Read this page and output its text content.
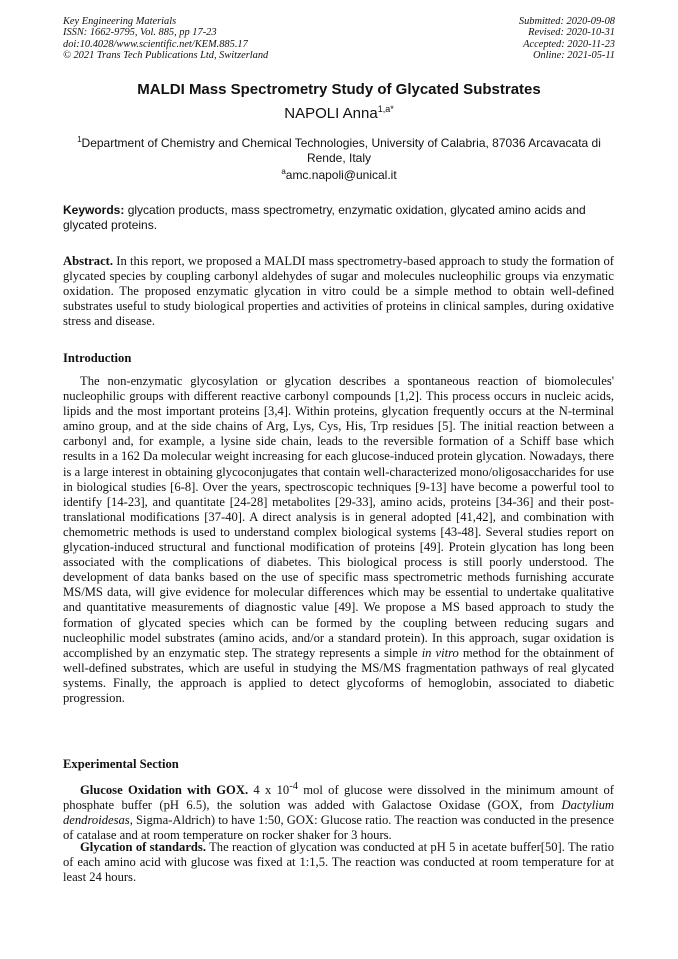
Key Engineering Materials
ISSN: 1662-9795, Vol. 885, pp 17-23
doi:10.4028/www.scientific.net/KEM.885.17
© 2021 Trans Tech Publications Ltd, Switzerland
Submitted: 2020-09-08
Revised: 2020-10-31
Accepted: 2020-11-23
Online: 2021-05-11
MALDI Mass Spectrometry Study of Glycated Substrates
NAPOLI Anna$^{1,a*}$
$^1$Department of Chemistry and Chemical Technologies, University of Calabria, 87036 Arcavacata di Rende, Italy
$^a$amc.napoli@unical.it
Keywords: glycation products, mass spectrometry, enzymatic oxidation, glycated amino acids and glycated proteins.
Abstract. In this report, we proposed a MALDI mass spectrometry-based approach to study the formation of glycated species by coupling carbonyl aldehydes of sugar and molecules nucleophilic groups via enzymatic oxidation. The proposed enzymatic glycation in vitro could be a simple method to obtain well-defined substrates useful to study biological properties and activities of proteins in clinical samples, during oxidative stress and disease.
Introduction
The non-enzymatic glycosylation or glycation describes a spontaneous reaction of biomolecules' nucleophilic groups with different reactive carbonyl compounds [1,2]. This process occurs in nucleic acids, lipids and the most important proteins [3,4]. Within proteins, glycation frequently occurs at the N-terminal amino group, and at the side chains of Arg, Lys, Cys, His, Trp residues [5]. The initial reaction between a carbonyl and, for example, a lysine side chain, leads to the reversible formation of a Schiff base which results in a 162 Da molecular weight increasing for each glucose-induced protein glycation. Nowadays, there is a large interest in obtaining glycoconjugates that contain well-characterized mono/oligosaccharides for use in biological studies [6-8]. Over the years, spectroscopic techniques [9-13] have become a powerful tool to identify [14-23], and quantitate [24-28] metabolites [29-33], amino acids, proteins [34-36] and their post-translational modifications [37-40]. A direct analysis is in general adopted [41,42], and combination with chemometric methods is used to understand complex biological systems [43-48]. Several studies report on glycation-induced structural and functional modification of proteins [49]. Protein glycation has long been associated with the complications of diabetes. This biological process is still poorly understood. The development of data banks based on the use of specific mass spectrometric methods furnishing accurate MS/MS data, will give evidence for molecular differences which may be essential to undertake qualitative and quantitative measurements of diagnostic value [49]. We propose a MS based approach to study the formation of glycated species which can be formed by the coupling between reducing sugars and nucleophilic model substrates (amino acids, and/or a standard protein). In this approach, sugar oxidation is accomplished by an enzymatic step. The strategy represents a simple in vitro method for the obtainment of well-defined substrates, which are useful in studying the MS/MS fragmentation pathways of real glycated systems. Finally, the approach is applied to detect glycoforms of hemoglobin, associated to diabetic progression.
Experimental Section
Glucose Oxidation with GOX. 4 x $10^{-4}$ mol of glucose were dissolved in the minimum amount of phosphate buffer (pH 6.5), the solution was added with Galactose Oxidase (GOX, from Dactylium dendroidesas, Sigma-Aldrich) to have 1:50, GOX: Glucose ratio. The reaction was conducted in the presence of catalase and at room temperature on rocker shaker for 3 hours.
Glycation of standards. The reaction of glycation was conducted at pH 5 in acetate buffer[50]. The ratio of each amino acid with glucose was fixed at 1:1,5. The reaction was conducted at room temperature for at least 24 hours.
